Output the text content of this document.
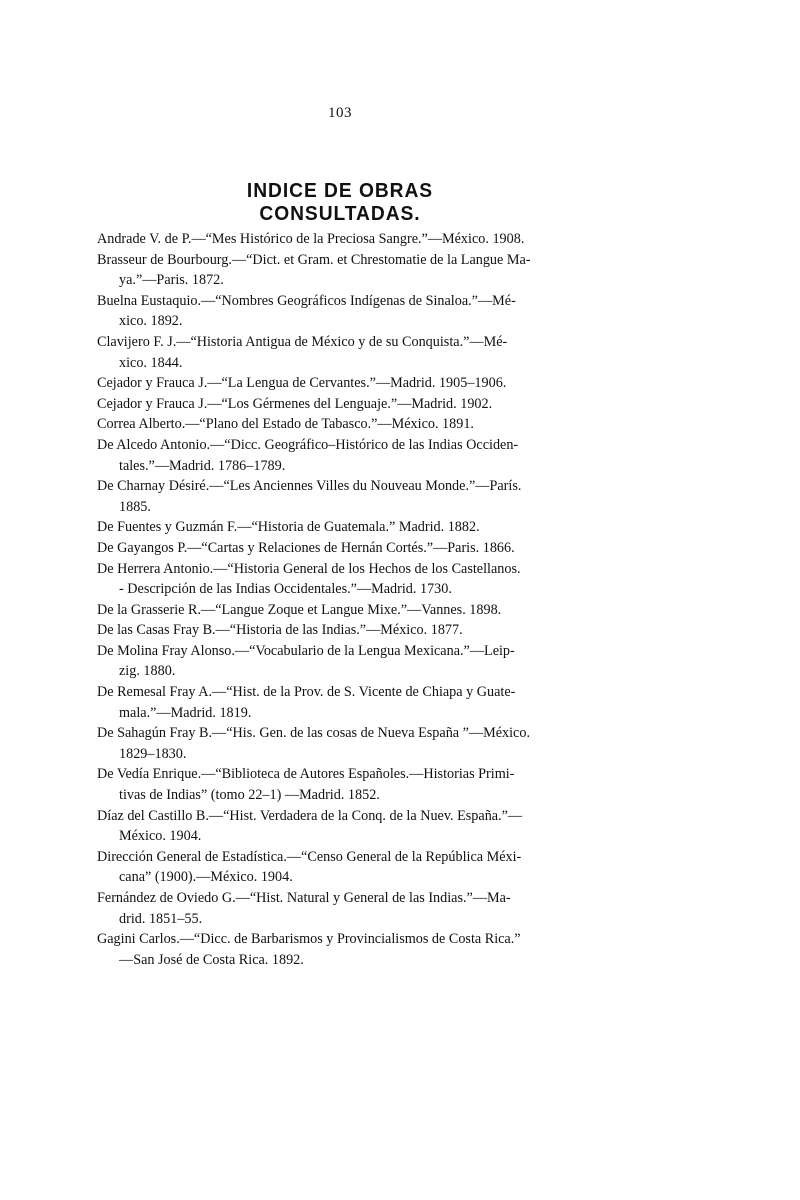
103
INDICE DE OBRAS CONSULTADAS.

Andrade V. de P.—“Mes Histórico de la Preciosa Sangre.”—México. 1908.

Brasseur de Bourbourg.—“Dict. et Gram. et Chrestomatie de la Langue Ma-
ya.”—Paris. 1872.

Buelna Eustaquio.—“Nombres Geográficos Indígenas de Sinaloa.”—Mé-
xico. 1892.

Clavijero F. J.—“Historia Antigua de México y de su Conquista.”—Mé-
xico. 1844.

Cejador y Frauca J.—“La Lengua de Cervantes.”—Madrid. 1905–1906.

Cejador y Frauca J.—“Los Gérmenes del Lenguaje.”—Madrid. 1902.

Correa Alberto.—“Plano del Estado de Tabasco.”—México. 1891.

De Alcedo Antonio.—“Dicc. Geográfico–Histórico de las Indias Occiden-
tales.”—Madrid. 1786–1789.

De Charnay Désiré.—“Les Anciennes Villes du Nouveau Monde.”—París.
1885.

De Fuentes y Guzmán F.—“Historia de Guatemala.” Madrid. 1882.

De Gayangos P.—“Cartas y Relaciones de Hernán Cortés.”—Paris. 1866.

De Herrera Antonio.—“Historia General de los Hechos de los Castellanos.
- Descripción de las Indias Occidentales.”—Madrid. 1730.

De la Grasserie R.—“Langue Zoque et Langue Mixe.”—Vannes. 1898.

De las Casas Fray B.—“Historia de las Indias.”—México. 1877.

De Molina Fray Alonso.—“Vocabulario de la Lengua Mexicana.”—Leip-
zig. 1880.

De Remesal Fray A.—“Hist. de la Prov. de S. Vicente de Chiapa y Guate-
mala.”—Madrid. 1819.

De Sahagún Fray B.—“His. Gen. de las cosas de Nueva España ”—México.
1829–1830.

De Vedía Enrique.—“Biblioteca de Autores Españoles.—Historias Primi-
tivas de Indias” (tomo 22–1) —Madrid. 1852.

Díaz del Castillo B.—“Hist. Verdadera de la Conq. de la Nuev. España.”—
México. 1904.

Dirección General de Estadística.—“Censo General de la República Méxi-
cana” (1900).—México. 1904.

Fernández de Oviedo G.—“Hist. Natural y General de las Indias.”—Ma-
drid. 1851–55.

Gagini Carlos.—“Dicc. de Barbarismos y Provincialismos de Costa Rica.”
—San José de Costa Rica. 1892.
